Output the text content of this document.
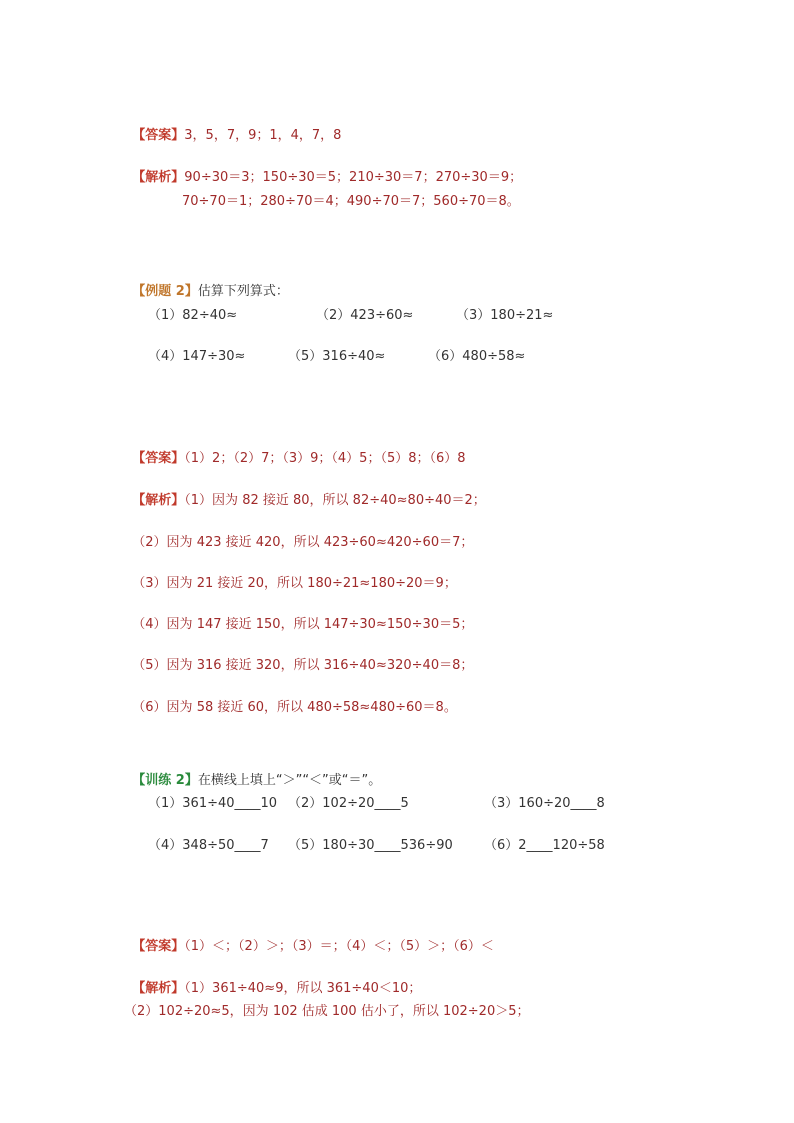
【答案】3，5，7，9；1，4，7，8

【解析】90÷30＝3；150÷30＝5；210÷30＝7；270÷30＝9；

70÷70＝1；280÷70＝4；490÷70＝7；560÷70＝8。

【例题 2】估算下列算式：

（1）82÷40≈	（2）423÷60≈	（3）180÷21≈
（4）147÷30≈	（5）316÷40≈	（6）480÷58≈

【答案】（1）2；（2）7；（3）9；（4）5；（5）8；（6）8

【解析】（1）因为 82 接近 80，所以 82÷40≈80÷40＝2；

（2）因为 423 接近 420，所以 423÷60≈420÷60＝7；

（3）因为 21 接近 20，所以 180÷21≈180÷20＝9；

（4）因为 147 接近 150，所以 147÷30≈150÷30＝5；

（5）因为 316 接近 320，所以 316÷40≈320÷40＝8；

（6）因为 58 接近 60，所以 480÷58≈480÷60＝8。

【训练 2】在横线上填上“＞”“＜”或“＝”。

（1）361÷40____10 （2）102÷20____5	（3）160÷20____8
（4）348÷50____7 （5）180÷30____536÷90 （6）2____120÷58

【答案】（1）＜；（2）＞；（3）＝；（4）＜；（5）＞；（6）＜

【解析】（1）361÷40≈9，所以 361÷40＜10；

（2）102÷20≈5，因为 102 估成 100 估小了，所以 102÷20＞5；
